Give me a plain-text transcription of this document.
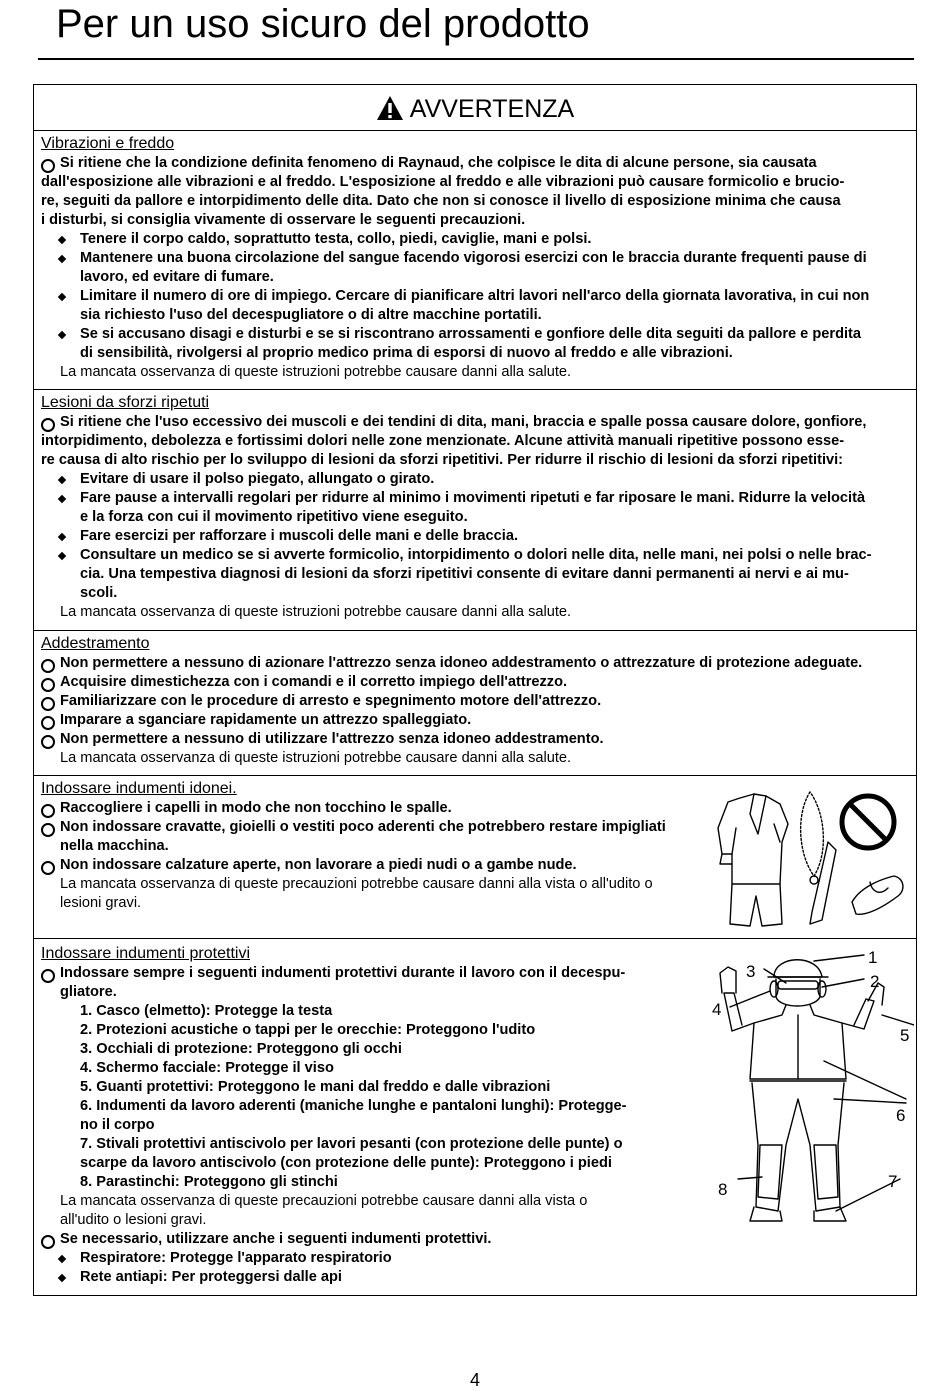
Per un uso sicuro del prodotto
AVVERTENZA
Vibrazioni e freddo
Si ritiene che la condizione definita fenomeno di Raynaud, che colpisce le dita di alcune persone, sia causata
dall'esposizione alle vibrazioni e al freddo. L'esposizione al freddo e alle vibrazioni può causare formicolio e brucio-
re, seguiti da pallore e intorpidimento delle dita. Dato che non si conosce il livello di esposizione minima che causa
i disturbi, si consiglia vivamente di osservare le seguenti precauzioni.
Tenere il corpo caldo, soprattutto testa, collo, piedi, caviglie, mani e polsi.
Mantenere una buona circolazione del sangue facendo vigorosi esercizi con le braccia durante frequenti pause di
lavoro, ed evitare di fumare.
Limitare il numero di ore di impiego. Cercare di pianificare altri lavori nell'arco della giornata lavorativa, in cui non
sia richiesto l'uso del decespugliatore o di altre macchine portatili.
Se si accusano disagi e disturbi e se si riscontrano arrossamenti e gonfiore delle dita seguiti da pallore e perdita
di sensibilità, rivolgersi al proprio medico prima di esporsi di nuovo al freddo e alle vibrazioni.
La mancata osservanza di queste istruzioni potrebbe causare danni alla salute.
Lesioni da sforzi ripetuti
Si ritiene che l'uso eccessivo dei muscoli e dei tendini di dita, mani, braccia e spalle possa causare dolore, gonfiore,
intorpidimento, debolezza e fortissimi dolori nelle zone menzionate. Alcune attività manuali ripetitive possono esse-
re causa di alto rischio per lo sviluppo di lesioni da sforzi ripetitivi. Per ridurre il rischio di lesioni da sforzi ripetitivi:
Evitare di usare il polso piegato, allungato o girato.
Fare pause a intervalli regolari per ridurre al minimo i movimenti ripetuti e far riposare le mani. Ridurre la velocità
e la forza con cui il movimento ripetitivo viene eseguito.
Fare esercizi per rafforzare i muscoli delle mani e delle braccia.
Consultare un medico se si avverte formicolio, intorpidimento o dolori nelle dita, nelle mani, nei polsi o nelle brac-
cia. Una tempestiva diagnosi di lesioni da sforzi ripetitivi consente di evitare danni permanenti ai nervi e ai mu-
scoli.
La mancata osservanza di queste istruzioni potrebbe causare danni alla salute.
Addestramento
Non permettere a nessuno di azionare l'attrezzo senza idoneo addestramento o attrezzature di protezione adeguate.
Acquisire dimestichezza con i comandi e il corretto impiego dell'attrezzo.
Familiarizzare con le procedure di arresto e spegnimento motore dell'attrezzo.
Imparare a sganciare rapidamente un attrezzo spalleggiato.
Non permettere a nessuno di utilizzare l'attrezzo senza idoneo addestramento.
La mancata osservanza di queste istruzioni potrebbe causare danni alla salute.
Indossare indumenti idonei.
Raccogliere i capelli in modo che non tocchino le spalle.
Non indossare cravatte, gioielli o vestiti poco aderenti che potrebbero restare impigliati
nella macchina.
Non indossare calzature aperte, non lavorare a piedi nudi o a gambe nude.
La mancata osservanza di queste precauzioni potrebbe causare danni alla vista o all'udito o
lesioni gravi.
Indossare indumenti protettivi
Indossare sempre i seguenti indumenti protettivi durante il lavoro con il decespu-
gliatore.
1. Casco (elmetto): Protegge la testa
2. Protezioni acustiche o tappi per le orecchie: Proteggono l'udito
3. Occhiali di protezione: Proteggono gli occhi
4. Schermo facciale: Protegge il viso
5. Guanti protettivi: Proteggono le mani dal freddo e dalle vibrazioni
6. Indumenti da lavoro aderenti (maniche lunghe e pantaloni lunghi): Protegge-
no il corpo
7. Stivali protettivi antiscivolo per lavori pesanti (con protezione delle punte) o
scarpe da lavoro antiscivolo (con protezione delle punte): Proteggono i piedi
8. Parastinchi: Proteggono gli stinchi
La mancata osservanza di queste precauzioni potrebbe causare danni alla vista o
all'udito o lesioni gravi.
Se necessario, utilizzare anche i seguenti indumenti protettivi.
Respiratore: Protegge l'apparato respiratorio
Rete antiapi: Per proteggersi dalle api
1
2
3
4
5
6
7
8
4
